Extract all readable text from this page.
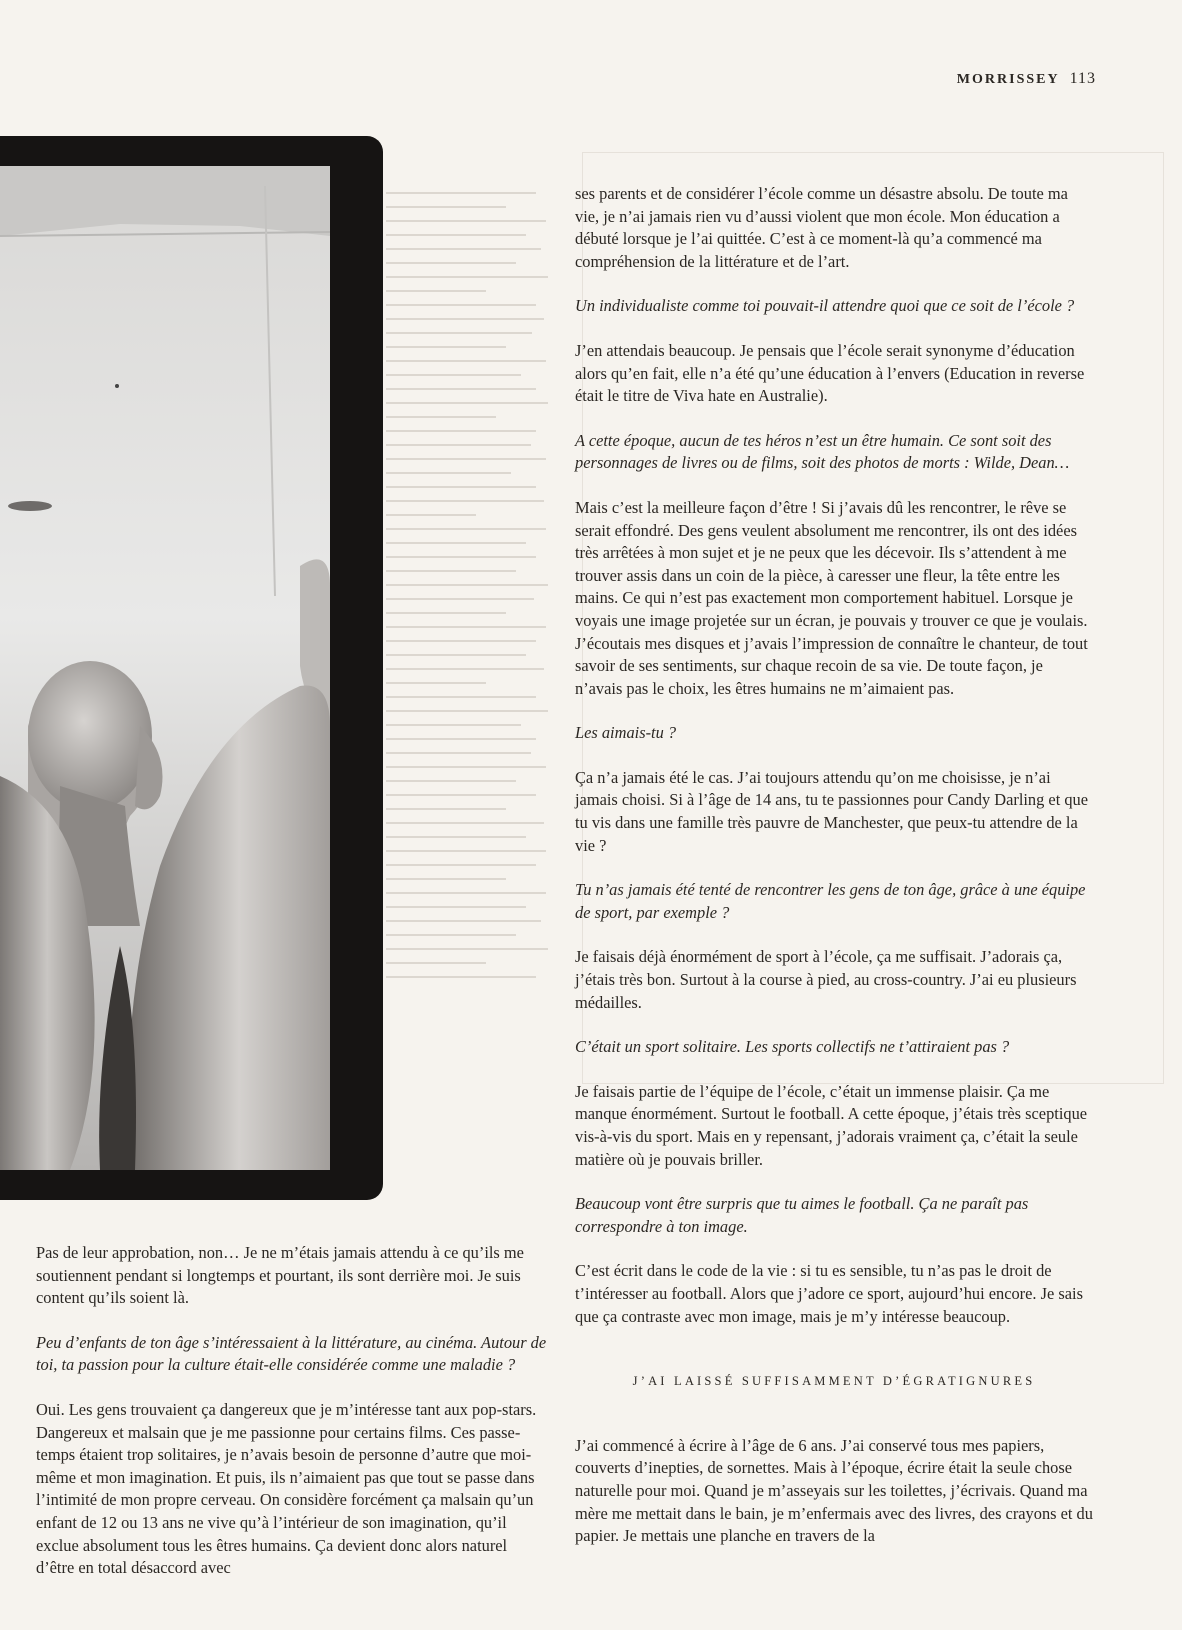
MORRISSEY 113

ses parents et de considérer l’école comme un désastre absolu. De toute ma vie, je n’ai jamais rien vu d’aussi violent que mon école. Mon éducation a débuté lorsque je l’ai quittée. C’est à ce moment-là qu’a commencé ma compréhension de la littérature et de l’art.

Un individualiste comme toi pouvait-il attendre quoi que ce soit de l’école ?

J’en attendais beaucoup. Je pensais que l’école serait synonyme d’éducation alors qu’en fait, elle n’a été qu’une éducation à l’envers (Education in reverse était le titre de Viva hate en Australie).

A cette époque, aucun de tes héros n’est un être humain. Ce sont soit des personnages de livres ou de films, soit des photos de morts : Wilde, Dean…

Mais c’est la meilleure façon d’être ! Si j’avais dû les rencontrer, le rêve se serait effondré. Des gens veulent absolument me rencontrer, ils ont des idées très arrêtées à mon sujet et je ne peux que les décevoir. Ils s’attendent à me trouver assis dans un coin de la pièce, à caresser une fleur, la tête entre les mains. Ce qui n’est pas exactement mon comportement habituel. Lorsque je voyais une image projetée sur un écran, je pouvais y trouver ce que je voulais. J’écoutais mes disques et j’avais l’impression de connaître le chanteur, de tout savoir de ses sentiments, sur chaque recoin de sa vie. De toute façon, je n’avais pas le choix, les êtres humains ne m’aimaient pas.

Les aimais-tu ?

Ça n’a jamais été le cas. J’ai toujours attendu qu’on me choisisse, je n’ai jamais choisi. Si à l’âge de 14 ans, tu te passionnes pour Candy Darling et que tu vis dans une famille très pauvre de Manchester, que peux-tu attendre de la vie ?

Tu n’as jamais été tenté de rencontrer les gens de ton âge, grâce à une équipe de sport, par exemple ?

Je faisais déjà énormément de sport à l’école, ça me suffisait. J’adorais ça, j’étais très bon. Surtout à la course à pied, au cross-country. J’ai eu plusieurs médailles.

C’était un sport solitaire. Les sports collectifs ne t’attiraient pas ?

Je faisais partie de l’équipe de l’école, c’était un immense plaisir. Ça me manque énormément. Surtout le football. A cette époque, j’étais très sceptique vis-à-vis du sport. Mais en y repensant, j’adorais vraiment ça, c’était la seule matière où je pouvais briller.

Beaucoup vont être surpris que tu aimes le football. Ça ne paraît pas correspondre à ton image.

C’est écrit dans le code de la vie : si tu es sensible, tu n’as pas le droit de t’intéresser au football. Alors que j’adore ce sport, aujourd’hui encore. Je sais que ça contraste avec mon image, mais je m’y intéresse beaucoup.

J’AI LAISSÉ SUFFISAMMENT D’ÉGRATIGNURES

J’ai commencé à écrire à l’âge de 6 ans. J’ai conservé tous mes papiers, couverts d’inepties, de sornettes. Mais à l’époque, écrire était la seule chose naturelle pour moi. Quand je m’asseyais sur les toilettes, j’écrivais. Quand ma mère me mettait dans le bain, je m’enfermais avec des livres, des crayons et du papier. Je mettais une planche en travers de la

Pas de leur approbation, non… Je ne m’étais jamais attendu à ce qu’ils me soutiennent pendant si longtemps et pourtant, ils sont derrière moi. Je suis content qu’ils soient là.

Peu d’enfants de ton âge s’intéressaient à la littérature, au cinéma. Autour de toi, ta passion pour la culture était-elle considérée comme une maladie ?

Oui. Les gens trouvaient ça dangereux que je m’intéresse tant aux pop-stars. Dangereux et malsain que je me passionne pour certains films. Ces passe-temps étaient trop solitaires, je n’avais besoin de personne d’autre que moi-même et mon imagination. Et puis, ils n’aimaient pas que tout se passe dans l’intimité de mon propre cerveau. On considère forcément ça malsain qu’un enfant de 12 ou 13 ans ne vive qu’à l’intérieur de son imagination, qu’il exclue absolument tous les êtres humains. Ça devient donc alors naturel d’être en total désaccord avec
